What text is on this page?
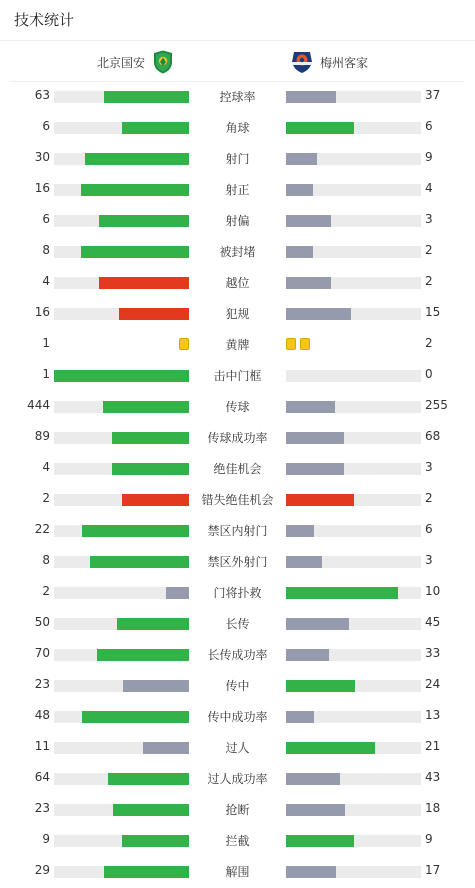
技术统计
北京国安	梅州客家
63	控球率	37
6	角球	6
30	射门	9
16	射正	4
6	射偏	3
8	被封堵	2
4	越位	2
16	犯规	15
1	黄牌	2
1	击中门框	0
444	传球	255
89	传球成功率	68
4	绝佳机会	3
2	错失绝佳机会	2
22	禁区内射门	6
8	禁区外射门	3
2	门将扑救	10
50	长传	45
70	长传成功率	33
23	传中	24
48	传中成功率	13
11	过人	21
64	过人成功率	43
23	抢断	18
9	拦截	9
29	解围	17
